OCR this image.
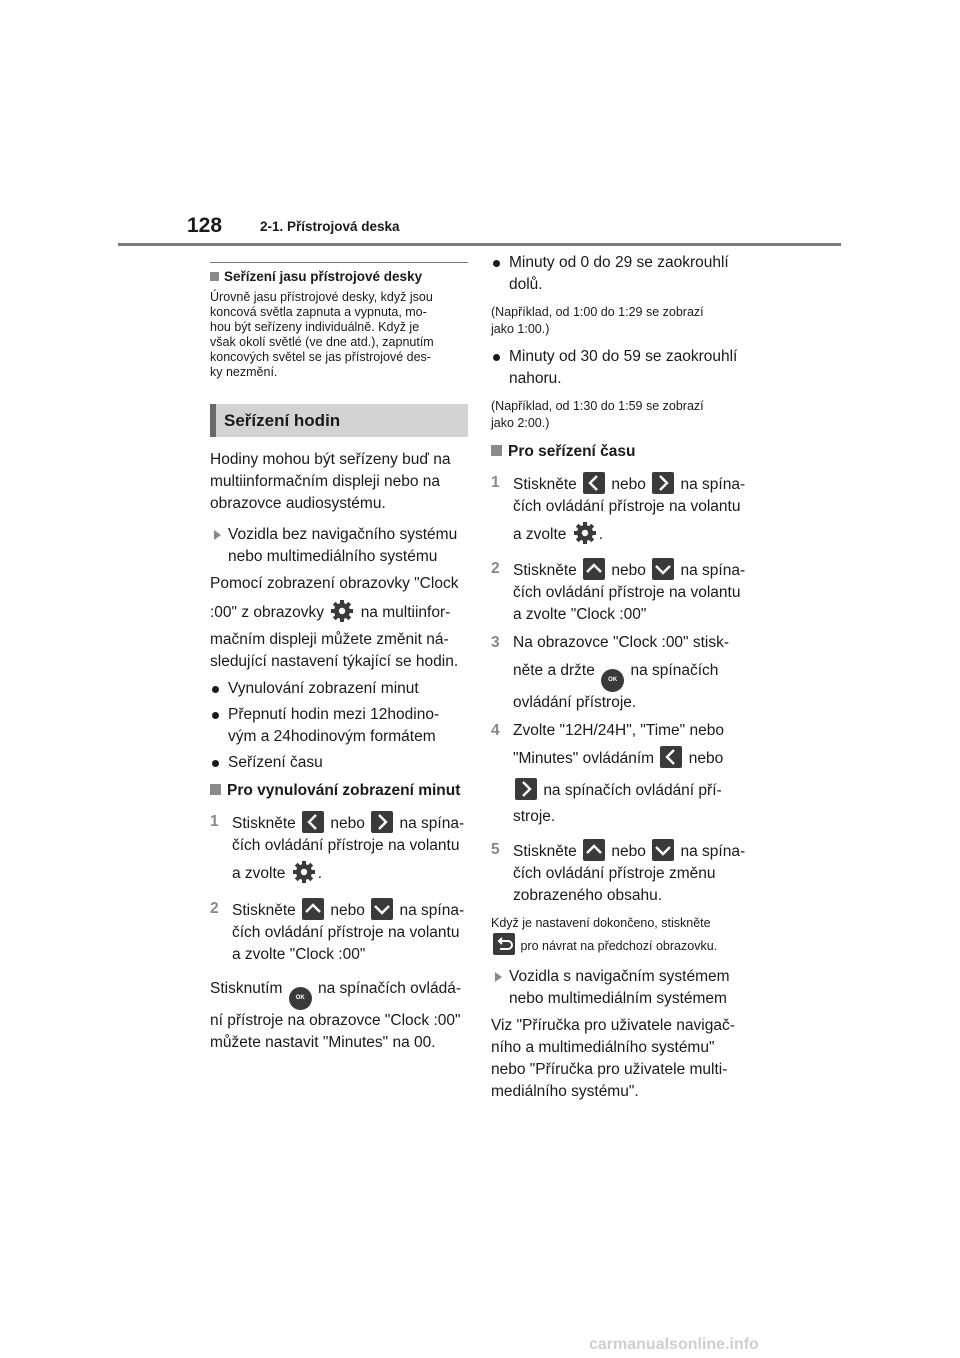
128	2-1. Přístrojová deska

Seřízení jasu přístrojové desky

Úrovně jasu přístrojové desky, když jsou

koncová světla zapnuta a vypnuta, mo-

hou být seřízeny individuálně. Když je

však okolí světlé (ve dne atd.), zapnutím

koncových světel se jas přístrojové des-

ky nezmění.

Seřízení hodin

Hodiny mohou být seřízeny buď na

multiinformačním displeji nebo na

obrazovce audiosystému.

Vozidla bez navigačního systému

nebo multimediálního systému

Pomocí zobrazení obrazovky "Clock

:00" z obrazovky na multiinfor-

mačním displeji můžete změnit ná-

sledující nastavení týkající se hodin.

Vynulování zobrazení minut

Přepnutí hodin mezi 12hodino-

vým a 24hodinovým formátem

Seřízení času

Pro vynulování zobrazení minut

1 Stiskněte nebo na spína-

čích ovládání přístroje na volantu

a zvolte .

2 Stiskněte nebo na spína-

čích ovládání přístroje na volantu

a zvolte "Clock :00"

Stisknutím OK na spínačích ovládá-

ní přístroje na obrazovce "Clock :00"

můžete nastavit "Minutes" na 00.

Minuty od 0 do 29 se zaokrouhlí

dolů.

(Například, od 1:00 do 1:29 se zobrazí

jako 1:00.)

Minuty od 30 do 59 se zaokrouhlí

nahoru.

(Například, od 1:30 do 1:59 se zobrazí

jako 2:00.)

Pro seřízení času

1 Stiskněte nebo na spína-

čích ovládání přístroje na volantu

a zvolte .

2 Stiskněte nebo na spína-

čích ovládání přístroje na volantu

a zvolte "Clock :00"

3 Na obrazovce "Clock :00" stisk-

něte a držte OK na spínačích

ovládání přístroje.

4 Zvolte "12H/24H", "Time" nebo

"Minutes" ovládáním nebo

na spínačích ovládání pří-

stroje.

5 Stiskněte nebo na spína-

čích ovládání přístroje změnu

zobrazeného obsahu.

Když je nastavení dokončeno, stiskněte

pro návrat na předchozí obrazovku.

Vozidla s navigačním systémem

nebo multimediálním systémem

Viz "Příručka pro uživatele navigač-

ního a multimediálního systému"

nebo "Příručka pro uživatele multi-

mediálního systému".

carmanualsonline.info
